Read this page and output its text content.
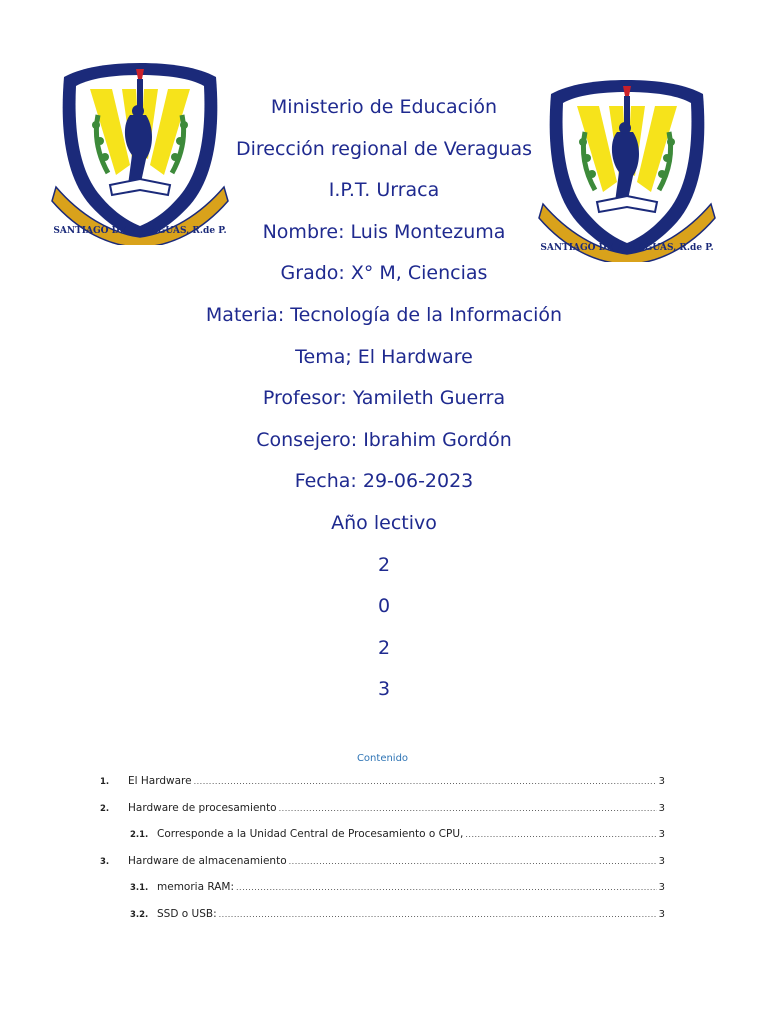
SANTIAGO DE VERAGUAS, R.de P.
SANTIAGO DE VERAGUAS, R.de P.
Ministerio de Educación
Dirección regional de Veraguas
I.P.T. Urraca
Nombre: Luis Montezuma
Grado: X° M, Ciencias
Materia: Tecnología de la Información
Tema; El Hardware
Profesor: Yamileth Guerra
Consejero: Ibrahim Gordón
Fecha: 29-06-2023
Año lectivo
2
0
2
3
Contenido
1.	El Hardware .....	3
2.	Hardware de procesamiento .....	3
2.1. Corresponde a la Unidad Central de Procesamiento o CPU, .....	3
3.	Hardware de almacenamiento .....	3
3.1. memoria RAM: .....	3
3.2. SSD o USB: .....	3
